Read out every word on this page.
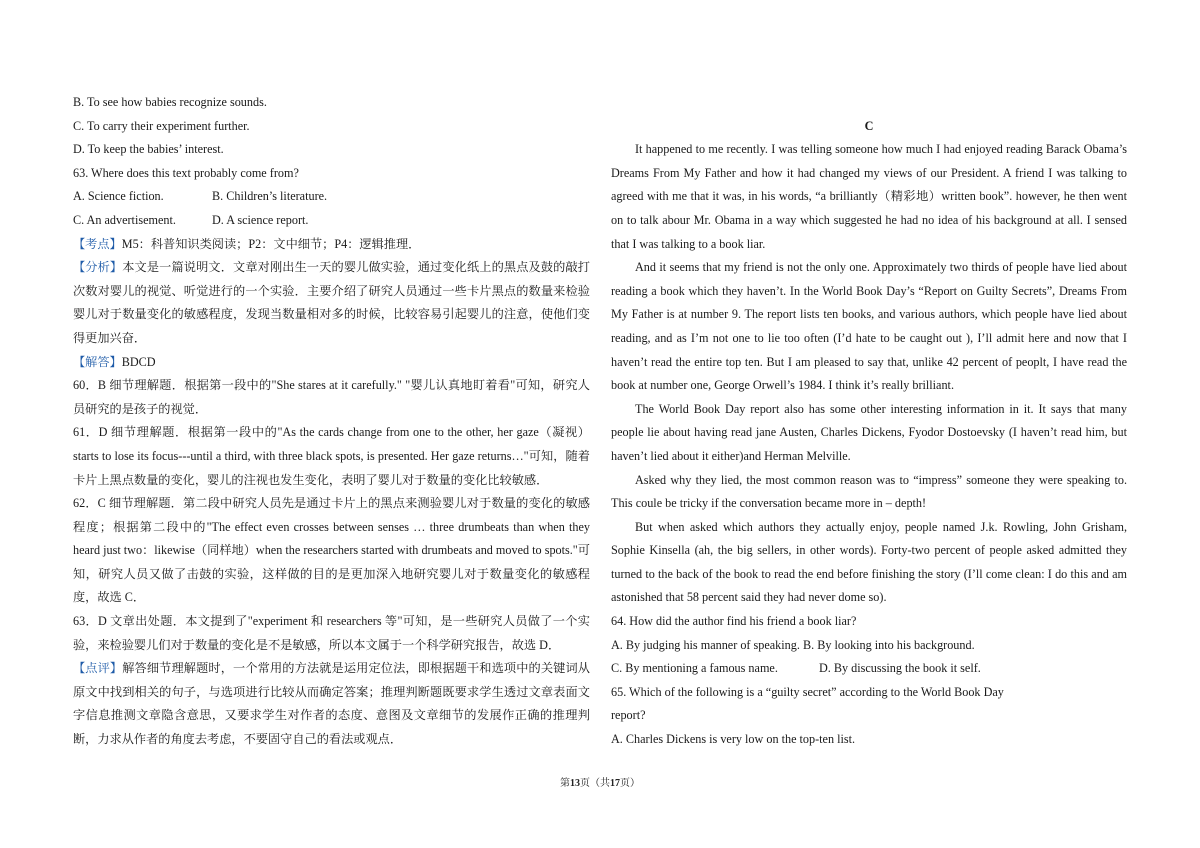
B. To see how babies recognize sounds.
C. To carry their experiment further.
D. To keep the babies’ interest.
63. Where does this text probably come from?
A. Science fiction.	B. Children’s literature.
C. An advertisement.	D. A science report.
【考点】M5：科普知识类阅读；P2：文中细节；P4：逻辑推理．
【分析】本文是一篇说明文．文章对刚出生一天的婴儿做实验，通过变化纸上的黑点及鼓的敲打
次数对婴儿的视觉、听觉进行的一个实验．主要介绍了研究人员通过一些卡片黑点的数量来检验
婴儿对于数量变化的敏感程度，发现当数量相对多的时候，比较容易引起婴儿的注意，使他们变
得更加兴奋．
【解答】BDCD
60．B 细节理解题．根据第一段中的"She stares at it carefully." "婴儿认真地盯着看"可知，研究人
员研究的是孩子的视觉．
61．D 细节理解题．根据第一段中的"As the cards change from one to the other, her gaze（凝视）
starts to lose its focus---until a third, with three black spots, is presented. Her gaze returns…"可知，随着
卡片上黑点数量的变化，婴儿的注视也发生变化，表明了婴儿对于数量的变化比较敏感．
62．C 细节理解题．第二段中研究人员先是通过卡片上的黑点来测验婴儿对于数量的变化的敏感
程度；根据第二段中的"The effect even crosses between senses … three drumbeats than when they
heard just two：likewise（同样地）when the researchers started with drumbeats and moved to spots."可
知，研究人员又做了击鼓的实验，这样做的目的是更加深入地研究婴儿对于数量变化的敏感程
度，故选 C．
63．D 文章出处题．本文提到了"experiment 和 researchers 等"可知，是一些研究人员做了一个实
验，来检验婴儿们对于数量的变化是不是敏感，所以本文属于一个科学研究报告，故选 D．
【点评】解答细节理解题时，一个常用的方法就是运用定位法，即根据题干和选项中的关键词从
原文中找到相关的句子，与选项进行比较从而确定答案；推理判断题既要求学生透过文章表面文
字信息推测文章隐含意思，又要求学生对作者的态度、意图及文章细节的发展作正确的推理判
断，力求从作者的角度去考虑，不要固守自己的看法或观点．
C
It happened to me recently. I was telling someone how much I had enjoyed reading Barack Obama’s
Dreams From My Father and how it had changed my views of our President. A friend I was talking to
agreed with me that it was, in his words, “a brilliantly（精彩地）written book”. however, he then went
on to talk abour Mr. Obama in a way which suggested he had no idea of his background at all. I sensed
that I was talking to a book liar.
And it seems that my friend is not the only one. Approximately two thirds of people have lied about
reading a book which they haven’t. In the World Book Day’s “Report on Guilty Secrets”, Dreams From
My Father is at number 9. The report lists ten books, and various authors, which people have lied about
reading, and as I’m not one to lie too often (I’d hate to be caught out ), I’ll admit here and now that I
haven’t read the entire top ten. But I am pleased to say that, unlike 42 percent of peoplt, I have read the
book at number one, George Orwell’s 1984. I think it’s really brilliant.
The World Book Day report also has some other interesting information in it. It says that many
people lie about having read jane Austen, Charles Dickens, Fyodor Dostoevsky (I haven’t read him, but
haven’t lied about it either)and Herman Melville.
Asked why they lied, the most common reason was to “impress” someone they were speaking to.
This coule be tricky if the conversation became more in – depth!
But when asked which authors they actually enjoy, people named J.k. Rowling, John Grisham,
Sophie Kinsella (ah, the big sellers, in other words). Forty-two percent of people asked admitted they
turned to the back of the book to read the end before finishing the story (I’ll come clean: I do this and am
astonished that 58 percent said they had never dome so).
64. How did the author find his friend a book liar?
A. By judging his manner of speaking. B. By looking into his background.
C. By mentioning a famous name.	D. By discussing the book it self.
65. Which of the following is a “guilty secret” according to the World Book Day
report?
A. Charles Dickens is very low on the top-ten list.
第13页（共17页）
